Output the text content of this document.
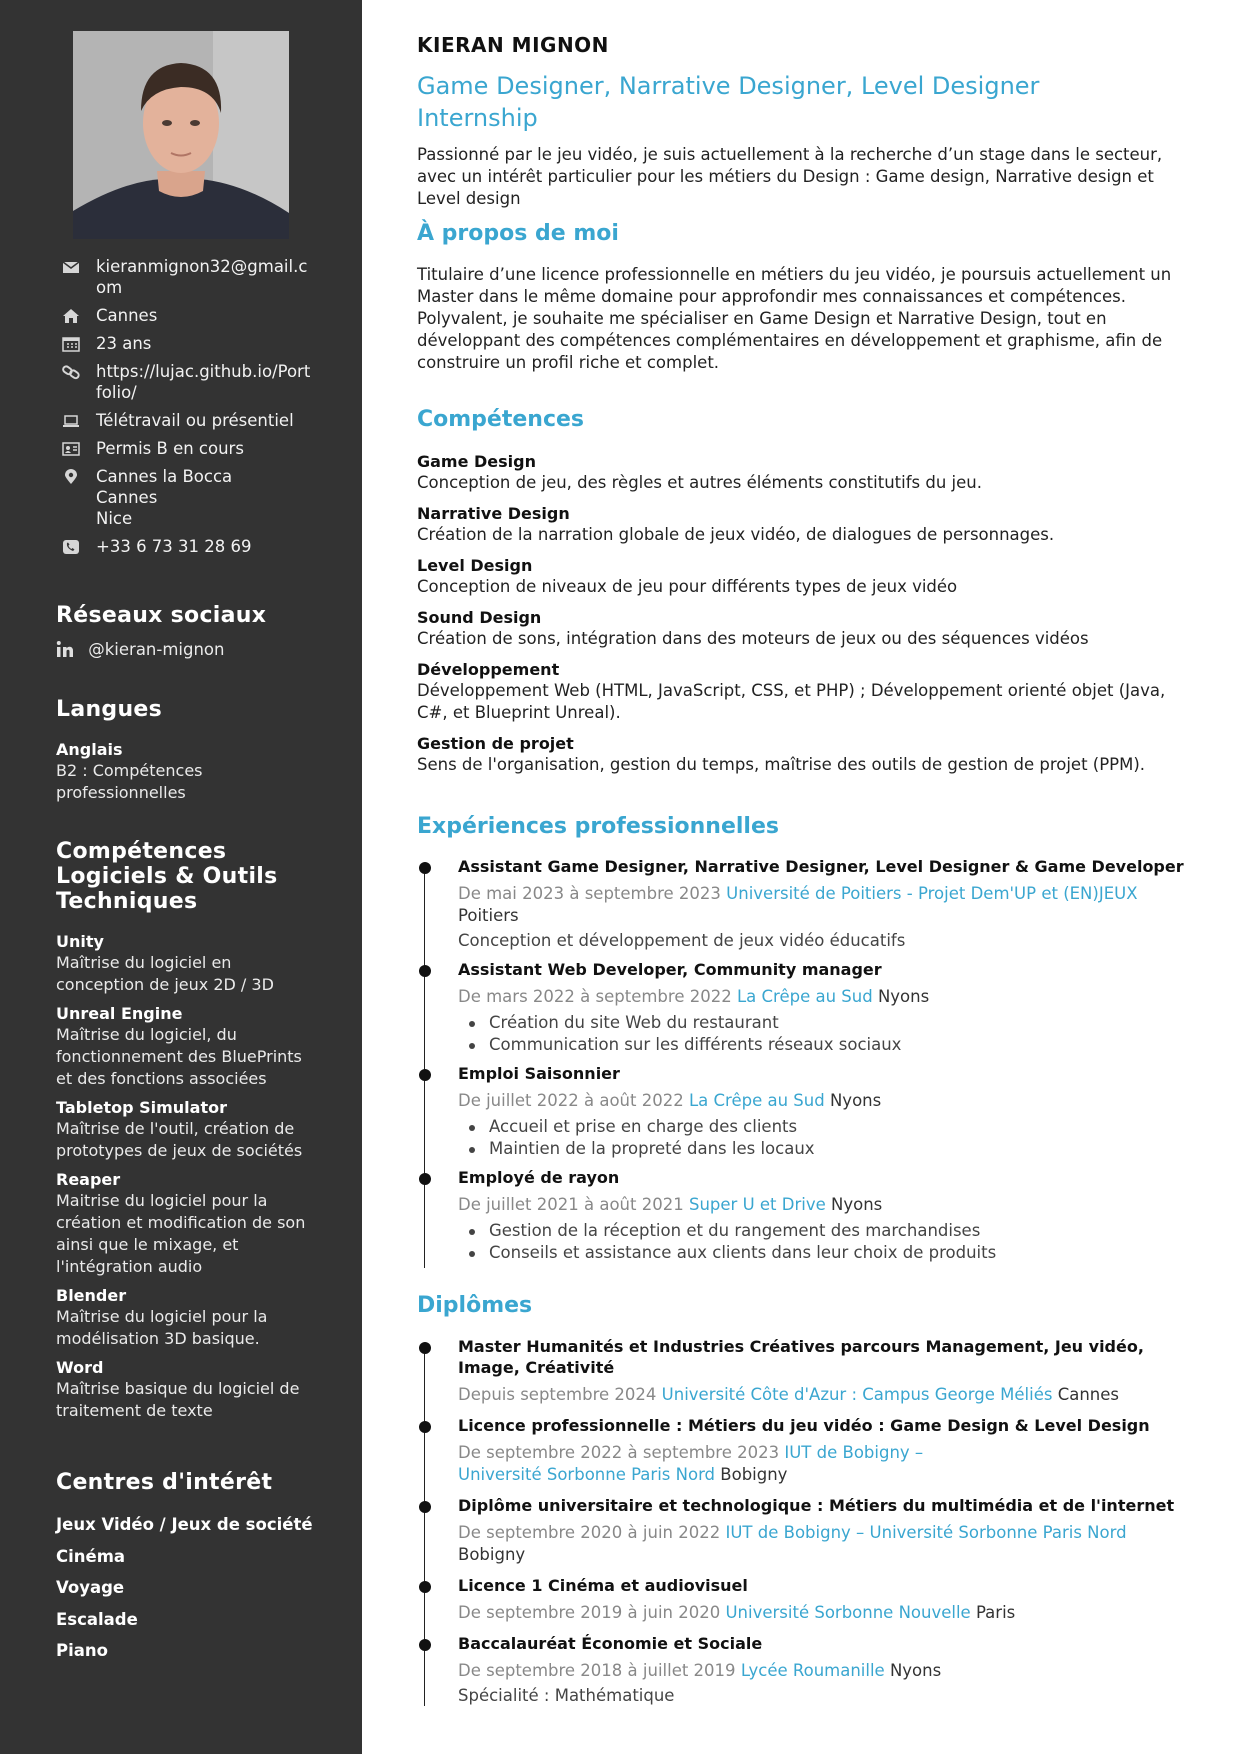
kieranmignon32@gmail.com
Cannes
23 ans
https://lujac.github.io/Portfolio/
Télétravail ou présentiel
Permis B en cours
Cannes la Bocca
Cannes
Nice
+33 6 73 31 28 69
Réseaux sociaux
@kieran-mignon
Langues
Anglais
B2 : Compétences professionnelles
Compétences Logiciels & Outils Techniques
Unity
Maîtrise du logiciel en conception de jeux 2D / 3D
Unreal Engine
Maîtrise du logiciel, du fonctionnement des BluePrints et des fonctions associées
Tabletop Simulator
Maîtrise de l'outil, création de prototypes de jeux de sociétés
Reaper
Maitrise du logiciel pour la création et modification de son ainsi que le mixage, et l'intégration audio
Blender
Maîtrise du logiciel pour la modélisation 3D basique.
Word
Maîtrise basique du logiciel de traitement de texte
Centres d'intérêt
Jeux Vidéo / Jeux de société
Cinéma
Voyage
Escalade
Piano
KIERAN MIGNON
Game Designer, Narrative Designer, Level Designer Internship
Passionné par le jeu vidéo, je suis actuellement à la recherche d’un stage dans le secteur, avec un intérêt particulier pour les métiers du Design : Game design, Narrative design et Level design
À propos de moi
Titulaire d’une licence professionnelle en métiers du jeu vidéo, je poursuis actuellement un Master dans le même domaine pour approfondir mes connaissances et compétences. Polyvalent, je souhaite me spécialiser en Game Design et Narrative Design, tout en développant des compétences complémentaires en développement et graphisme, afin de construire un profil riche et complet.
Compétences
Game Design
Conception de jeu, des règles et autres éléments constitutifs du jeu.
Narrative Design
Création de la narration globale de jeux vidéo, de dialogues de personnages.
Level Design
Conception de niveaux de jeu pour différents types de jeux vidéo
Sound Design
Création de sons, intégration dans des moteurs de jeux ou des séquences vidéos
Développement
Développement Web (HTML, JavaScript, CSS, et PHP) ; Développement orienté objet (Java, C#, et Blueprint Unreal).
Gestion de projet
Sens de l'organisation, gestion du temps, maîtrise des outils de gestion de projet (PPM).
Expériences professionnelles
Assistant Game Designer, Narrative Designer, Level Designer & Game Developer
De mai 2023 à septembre 2023 Université de Poitiers - Projet Dem'UP et (EN)JEUX Poitiers
Conception et développement de jeux vidéo éducatifs
Assistant Web Developer, Community manager
De mars 2022 à septembre 2022 La Crêpe au Sud Nyons
Création du site Web du restaurant
Communication sur les différents réseaux sociaux
Emploi Saisonnier
De juillet 2022 à août 2022 La Crêpe au Sud Nyons
Accueil et prise en charge des clients
Maintien de la propreté dans les locaux
Employé de rayon
De juillet 2021 à août 2021 Super U et Drive Nyons
Gestion de la réception et du rangement des marchandises
Conseils et assistance aux clients dans leur choix de produits
Diplômes
Master Humanités et Industries Créatives parcours Management, Jeu vidéo, Image, Créativité
Depuis septembre 2024 Université Côte d'Azur : Campus George Méliés Cannes
Licence professionnelle : Métiers du jeu vidéo : Game Design & Level Design
De septembre 2022 à septembre 2023 IUT de Bobigny – Université Sorbonne Paris Nord Bobigny
Diplôme universitaire et technologique : Métiers du multimédia et de l'internet
De septembre 2020 à juin 2022 IUT de Bobigny – Université Sorbonne Paris Nord Bobigny
Licence 1 Cinéma et audiovisuel
De septembre 2019 à juin 2020 Université Sorbonne Nouvelle Paris
Baccalauréat Économie et Sociale
De septembre 2018 à juillet 2019 Lycée Roumanille Nyons
Spécialité : Mathématique
